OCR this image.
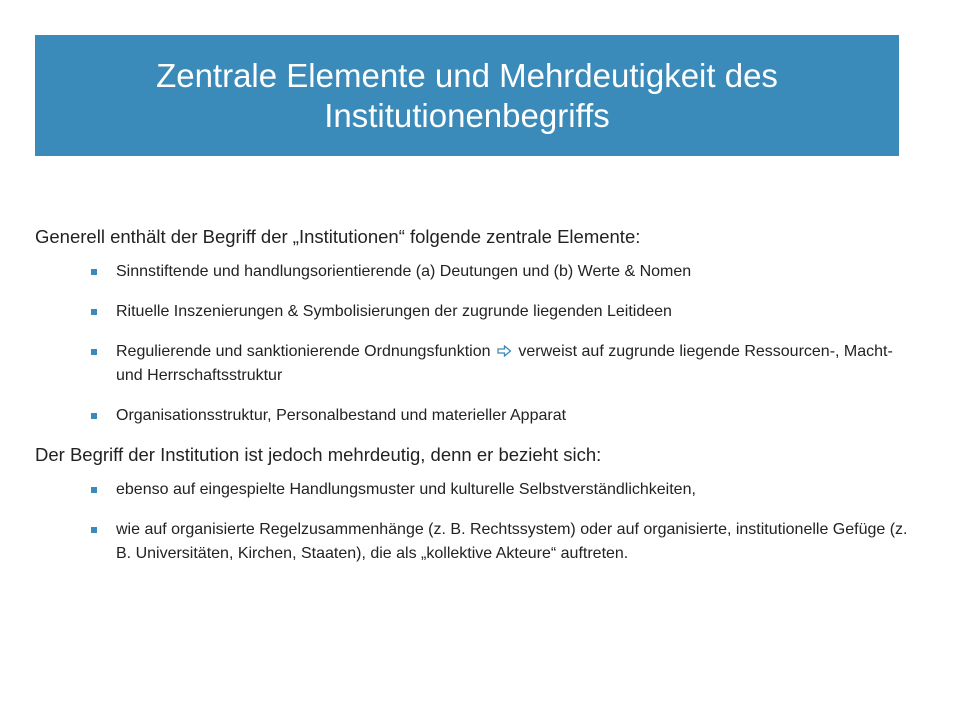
Zentrale Elemente und Mehrdeutigkeit des Institutionenbegriffs

Generell enthält der Begriff der „Institutionen“ folgende zentrale Elemente:

Sinnstiftende und handlungsorientierende (a) Deutungen und (b) Werte & Nomen
Rituelle Inszenierungen & Symbolisierungen der zugrunde liegenden Leitideen
Regulierende und sanktionierende Ordnungsfunktion verweist auf zugrunde liegende Ressourcen-, Macht- und Herrschaftsstruktur
Organisationsstruktur, Personalbestand und materieller Apparat

Der Begriff der Institution ist jedoch mehrdeutig, denn er bezieht sich:

ebenso auf eingespielte Handlungsmuster und kulturelle Selbstverständlichkeiten,
wie auf organisierte Regelzusammenhänge (z. B. Rechtssystem) oder auf organisierte, institutionelle Gefüge (z. B. Universitäten, Kirchen, Staaten), die als „kollektive Akteure“ auftreten.
